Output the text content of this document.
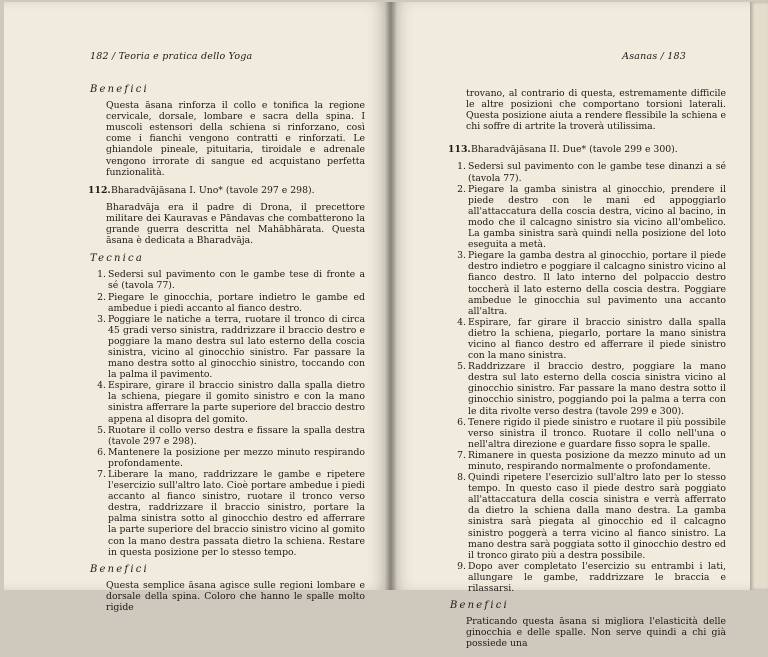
182 / Teoria e pratica dello Yoga

Benefici

Questa āsana rinforza il collo e tonifica la regione cervicale, dorsale, lombare e sacra della spina. I muscoli estensori della schiena si rinforzano, così come i fianchi vengono contratti e rinforzati. Le ghiandole pineale, pituitaria, tiroidale e adrenale vengono irrorate di sangue ed acquistano perfetta funzionalità.

112. Bharadvājāsana I. Uno* (tavole 297 e 298).

Bharadvāja era il padre di Drona, il precettore militare dei Kauravas e Pāndavas che combatterono la grande guerra descritta nel Mahābhārata. Questa āsana è dedicata a Bharadvāja.

Tecnica

1. Sedersi sul pavimento con le gambe tese di fronte a sé (tavola 77).
2. Piegare le ginocchia, portare indietro le gambe ed ambedue i piedi accanto al fianco destro.
3. Poggiare le natiche a terra, ruotare il tronco di circa 45 gradi verso sinistra, raddrizzare il braccio destro e poggiare la mano destra sul lato esterno della coscia sinistra, vicino al ginocchio sinistro. Far passare la mano destra sotto al ginocchio sinistro, toccando con la palma il pavimento.
4. Espirare, girare il braccio sinistro dalla spalla dietro la schiena, piegare il gomito sinistro e con la mano sinistra afferrare la parte superiore del braccio destro appena al disopra del gomito.
5. Ruotare il collo verso destra e fissare la spalla destra (tavole 297 e 298).
6. Mantenere la posizione per mezzo minuto respirando profondamente.
7. Liberare la mano, raddrizzare le gambe e ripetere l'esercizio sull'altro lato. Cioè portare ambedue i piedi accanto al fianco sinistro, ruotare il tronco verso destra, raddrizzare il braccio sinistro, portare la palma sinistra sotto al ginocchio destro ed afferrare la parte superiore del braccio sinistro vicino al gomito con la mano destra passata dietro la schiena. Restare in questa posizione per lo stesso tempo.

Benefici

Questa semplice āsana agisce sulle regioni lombare e dorsale della spina. Coloro che hanno le spalle molto rigide

Asanas / 183

trovano, al contrario di questa, estremamente difficile le altre posizioni che comportano torsioni laterali. Questa posizione aiuta a rendere flessibile la schiena e chi soffre di artrite la troverà utilissima.

113. Bharadvājāsana II. Due* (tavole 299 e 300).
1. Sedersi sul pavimento con le gambe tese dinanzi a sé (tavola 77).
2. Piegare la gamba sinistra al ginocchio, prendere il piede destro con le mani ed appoggiarlo all'attaccatura della coscia destra, vicino al bacino, in modo che il calcagno sinistro sia vicino all'ombelico. La gamba sinistra sarà quindi nella posizione del loto eseguita a metà.
3. Piegare la gamba destra al ginocchio, portare il piede destro indietro e poggiare il calcagno sinistro vicino al fianco destro. Il lato interno del polpaccio destro toccherà il lato esterno della coscia destra. Poggiare ambedue le ginocchia sul pavimento una accanto all'altra.
4. Espirare, far girare il braccio sinistro dalla spalla dietro la schiena, piegarlo, portare la mano sinistra vicino al fianco destro ed afferrare il piede sinistro con la mano sinistra.
5. Raddrizzare il braccio destro, poggiare la mano destra sul lato esterno della coscia sinistra vicino al ginocchio sinistro. Far passare la mano destra sotto il ginocchio sinistro, poggiando poi la palma a terra con le dita rivolte verso destra (tavole 299 e 300).
6. Tenere rigido il piede sinistro e ruotare il più possibile verso sinistra il tronco. Ruotare il collo nell'una o nell'altra direzione e guardare fisso sopra le spalle.
7. Rimanere in questa posizione da mezzo minuto ad un minuto, respirando normalmente o profondamente.
8. Quindi ripetere l'esercizio sull'altro lato per lo stesso tempo. In questo caso il piede destro sarà poggiato all'attaccatura della coscia sinistra e verrà afferrato da dietro la schiena dalla mano destra. La gamba sinistra sarà piegata al ginocchio ed il calcagno sinistro poggerà a terra vicino al fianco sinistro. La mano destra sarà poggiata sotto il ginocchio destro ed il tronco girato più a destra possibile.
9. Dopo aver completato l'esercizio su entrambi i lati, allungare le gambe, raddrizzare le braccia e rilassarsi.

Benefici

Praticando questa āsana si migliora l'elasticità delle ginocchia e delle spalle. Non serve quindi a chi già possiede una
